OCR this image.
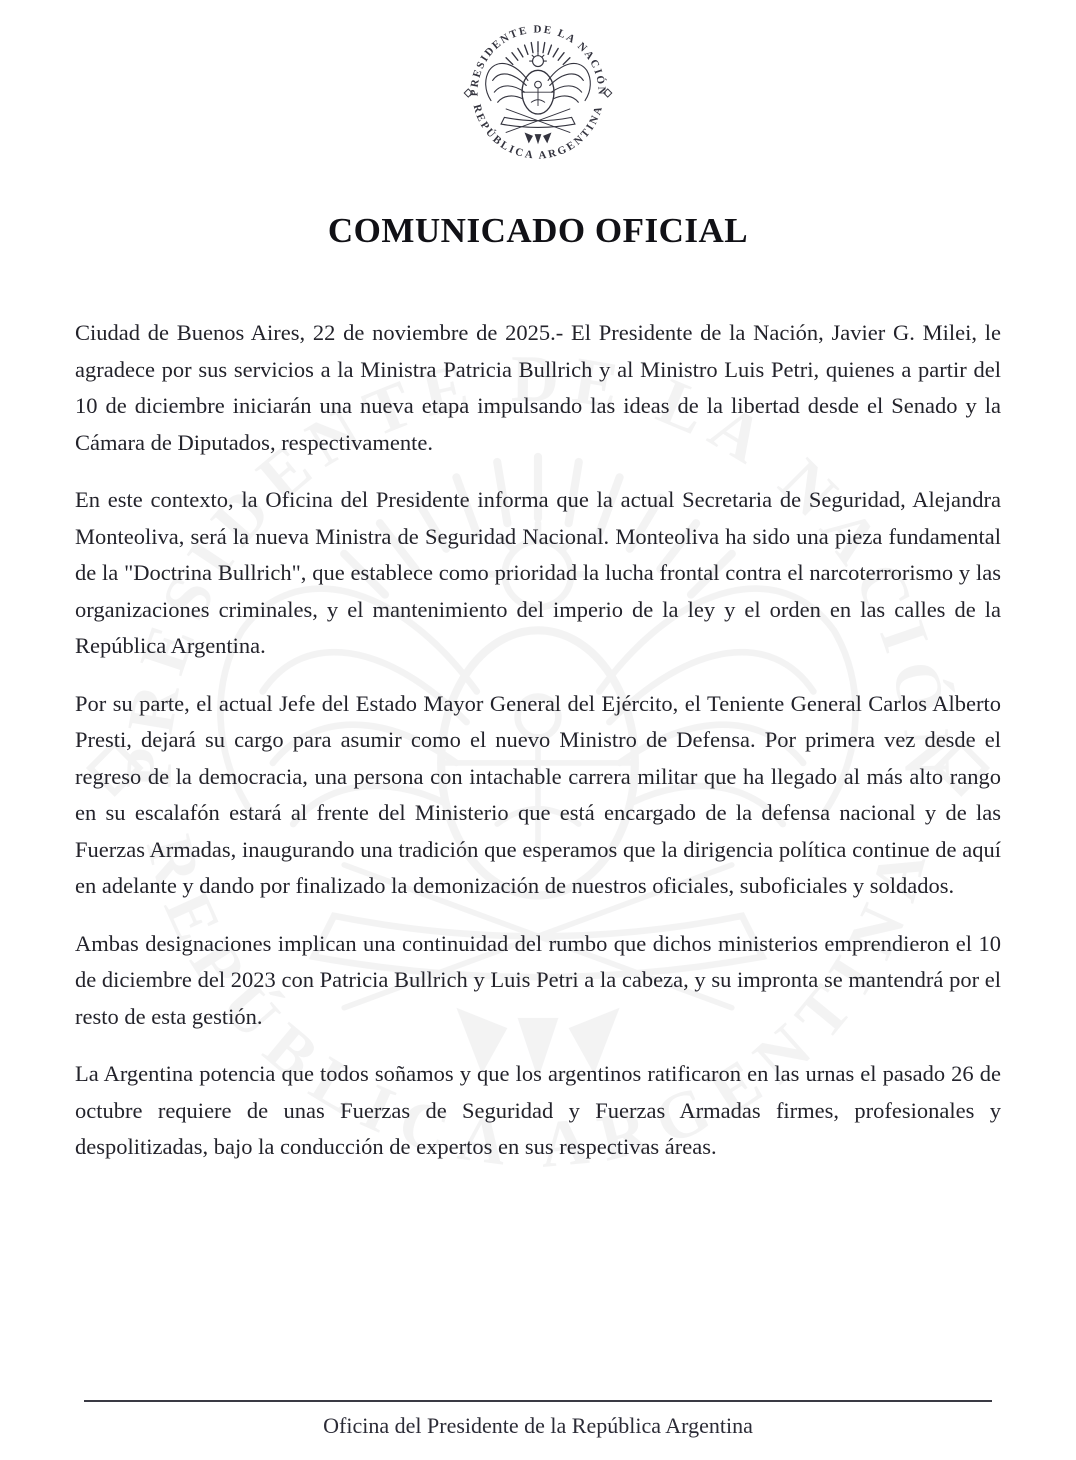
COMUNICADO OFICIAL

Ciudad de Buenos Aires, 22 de noviembre de 2025.- El Presidente de la Nación, Javier G. Milei, le agradece por sus servicios a la Ministra Patricia Bullrich y al Ministro Luis Petri, quienes a partir del 10 de diciembre iniciarán una nueva etapa impulsando las ideas de la libertad desde el Senado y la Cámara de Diputados, respectivamente.

En este contexto, la Oficina del Presidente informa que la actual Secretaria de Seguridad, Alejandra Monteoliva, será la nueva Ministra de Seguridad Nacional. Monteoliva ha sido una pieza fundamental de la "Doctrina Bullrich", que establece como prioridad la lucha frontal contra el narcoterrorismo y las organizaciones criminales, y el mantenimiento del imperio de la ley y el orden en las calles de la República Argentina.

Por su parte, el actual Jefe del Estado Mayor General del Ejército, el Teniente General Carlos Alberto Presti, dejará su cargo para asumir como el nuevo Ministro de Defensa. Por primera vez desde el regreso de la democracia, una persona con intachable carrera militar que ha llegado al más alto rango en su escalafón estará al frente del Ministerio que está encargado de la defensa nacional y de las Fuerzas Armadas, inaugurando una tradición que esperamos que la dirigencia política continue de aquí en adelante y dando por finalizado la demonización de nuestros oficiales, suboficiales y soldados.

Ambas designaciones implican una continuidad del rumbo que dichos ministerios emprendieron el 10 de diciembre del 2023 con Patricia Bullrich y Luis Petri a la cabeza, y su impronta se mantendrá por el resto de esta gestión.

La Argentina potencia que todos soñamos y que los argentinos ratificaron en las urnas el pasado 26 de octubre requiere de unas Fuerzas de Seguridad y Fuerzas Armadas firmes, profesionales y despolitizadas, bajo la conducción de expertos en sus respectivas áreas.

Oficina del Presidente de la República Argentina
